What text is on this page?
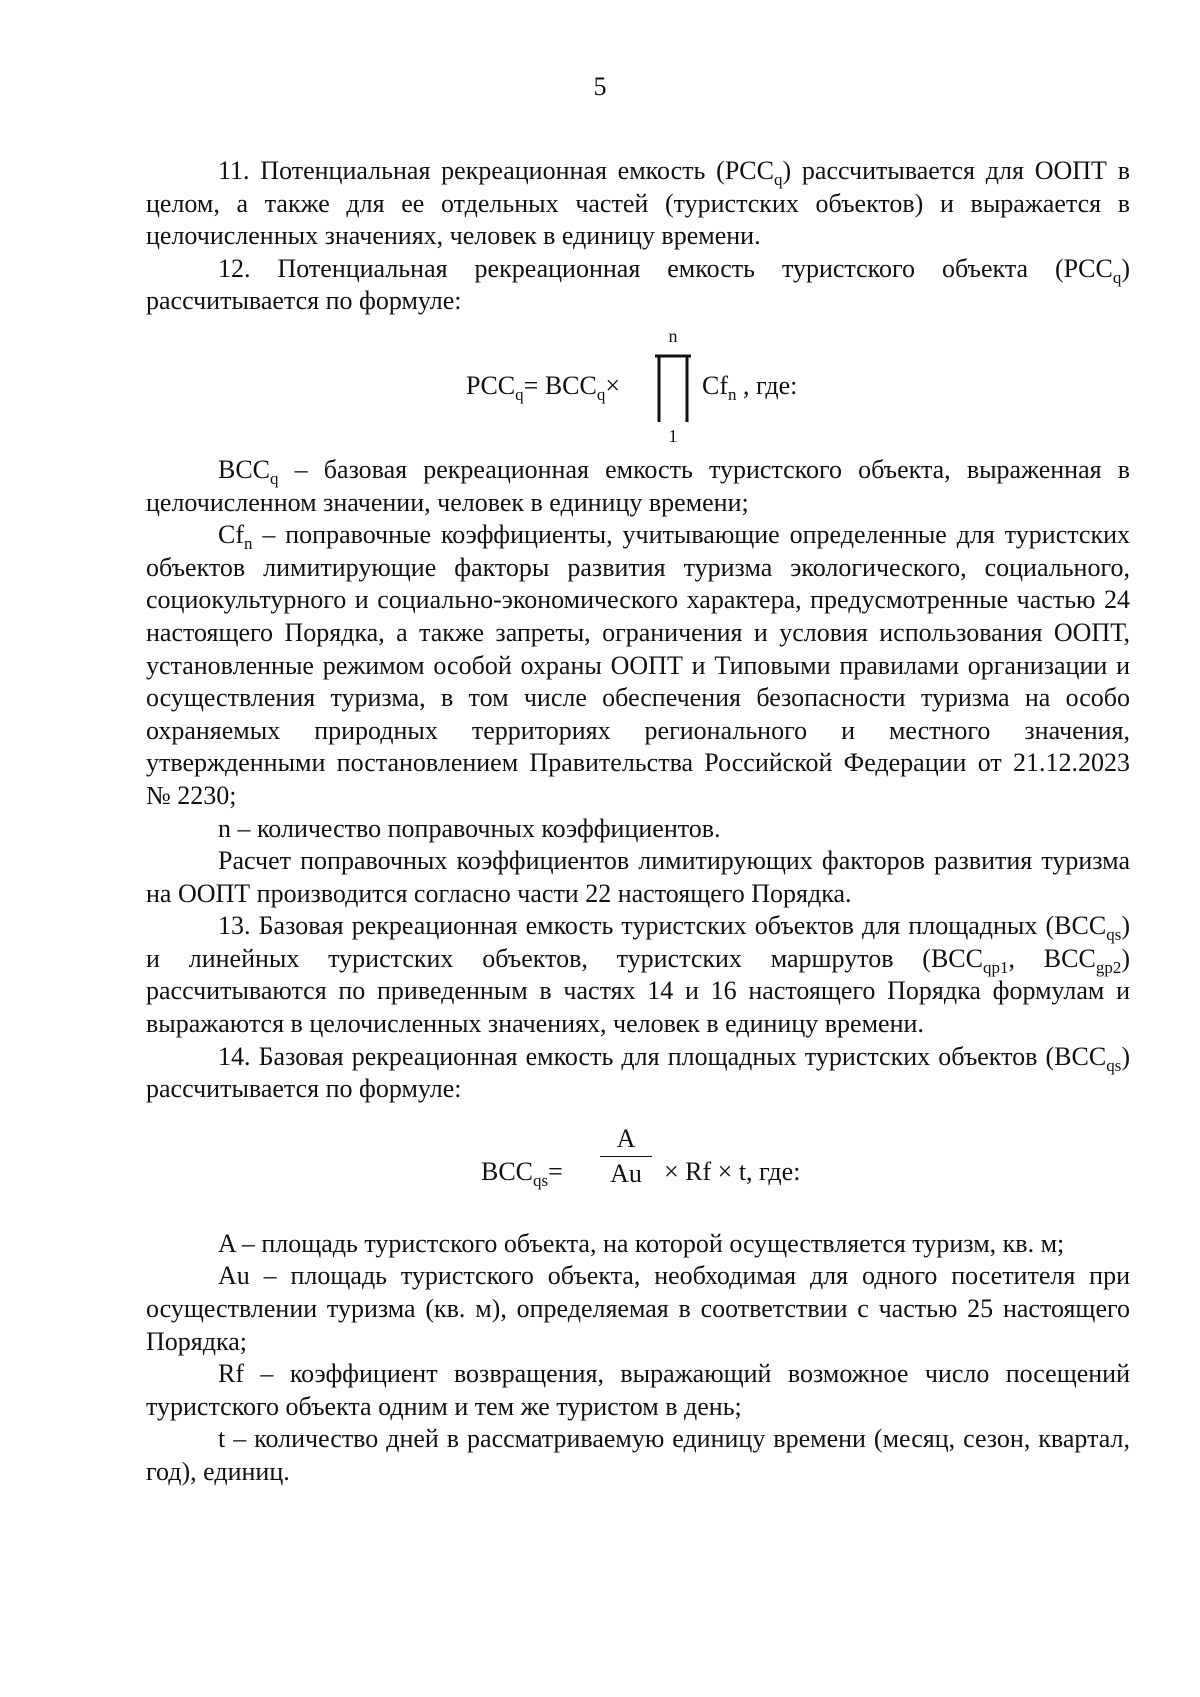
5

11. Потенциальная рекреационная емкость $(PCC_q)$ рассчитывается для ООПТ в целом, а также для ее отдельных частей (туристских объектов) и выражается в целочисленных значениях, человек в единицу времени.

12. Потенциальная рекреационная емкость туристского объекта $(PCC_q)$ рассчитывается по формуле:

$PCC_q= BCC_q\times$
n
1
$Cf_n$ , где:

$BCC_q$ – базовая рекреационная емкость туристского объекта, выраженная в целочисленном значении, человек в единицу времени;

$Cf_n$ – поправочные коэффициенты, учитывающие определенные для туристских объектов лимитирующие факторы развития туризма экологического, социального, социокультурного и социально-экономического характера, предусмотренные частью 24 настоящего Порядка, а также запреты, ограничения и условия использования ООПТ, установленные режимом особой охраны ООПТ и Типовыми правилами организации и осуществления туризма, в том числе обеспечения безопасности туризма на особо охраняемых природных территориях регионального и местного значения, утвержденными постановлением Правительства Российской Федерации от 21.12.2023 № 2230;

n – количество поправочных коэффициентов.

Расчет поправочных коэффициентов лимитирующих факторов развития туризма на ООПТ производится согласно части 22 настоящего Порядка.

13. Базовая рекреационная емкость туристских объектов для площадных $(BCC_{qs})$ и линейных туристских объектов, туристских маршрутов ($BCC_{qp1}$, $BCC_{gp2}$) рассчитываются по приведенным в частях 14 и 16 настоящего Порядка формулам и выражаются в целочисленных значениях, человек в единицу времени.

14. Базовая рекреационная емкость для площадных туристских объектов $(BCC_{qs})$ рассчитывается по формуле:

$BCC_{qs}=$
A
Au × Rf × t, где:

A – площадь туристского объекта, на которой осуществляется туризм, кв. м;

Au – площадь туристского объекта, необходимая для одного посетителя при осуществлении туризма (кв. м), определяемая в соответствии с частью 25 настоящего Порядка;

Rf – коэффициент возвращения, выражающий возможное число посещений туристского объекта одним и тем же туристом в день;

t – количество дней в рассматриваемую единицу времени (месяц, сезон, квартал, год), единиц.
